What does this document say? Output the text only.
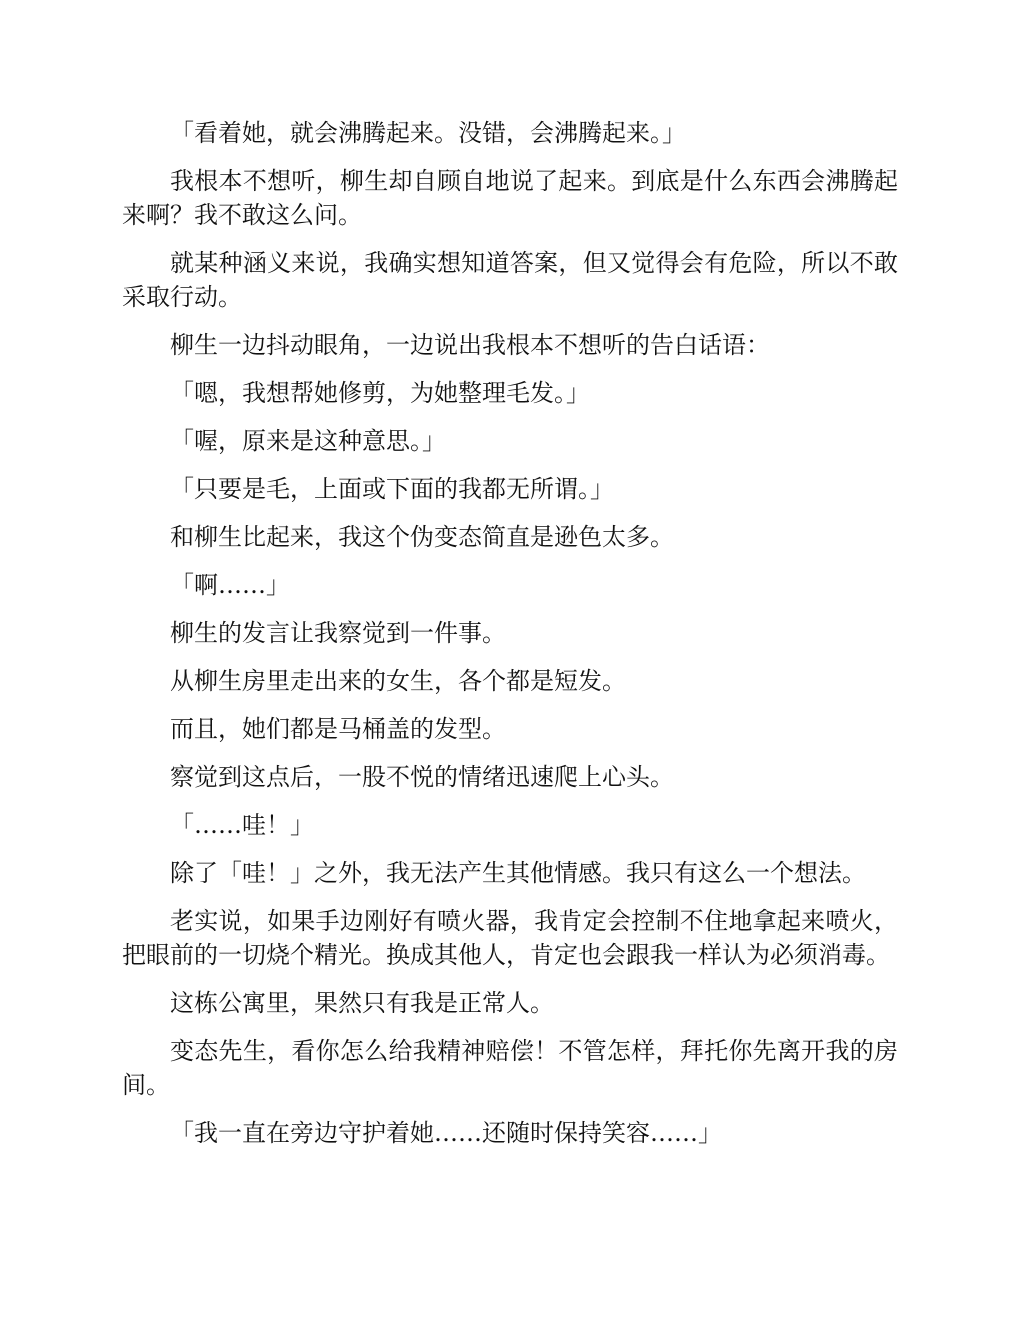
「看着她，就会沸腾起来。没错，会沸腾起来。」

我根本不想听，柳生却自顾自地说了起来。到底是什么东西会沸腾起来啊？我不敢这么问。

就某种涵义来说，我确实想知道答案，但又觉得会有危险，所以不敢采取行动。

柳生一边抖动眼角，一边说出我根本不想听的告白话语：

「嗯，我想帮她修剪，为她整理毛发。」

「喔，原来是这种意思。」

「只要是毛，上面或下面的我都无所谓。」

和柳生比起来，我这个伪变态简直是逊色太多。

「啊……」

柳生的发言让我察觉到一件事。

从柳生房里走出来的女生，各个都是短发。

而且，她们都是马桶盖的发型。

察觉到这点后，一股不悦的情绪迅速爬上心头。

「……哇！」

除了「哇！」之外，我无法产生其他情感。我只有这么一个想法。

老实说，如果手边刚好有喷火器，我肯定会控制不住地拿起来喷火，把眼前的一切烧个精光。换成其他人，肯定也会跟我一样认为必须消毒。

这栋公寓里，果然只有我是正常人。

变态先生，看你怎么给我精神赔偿！不管怎样，拜托你先离开我的房间。

「我一直在旁边守护着她……还随时保持笑容……」
